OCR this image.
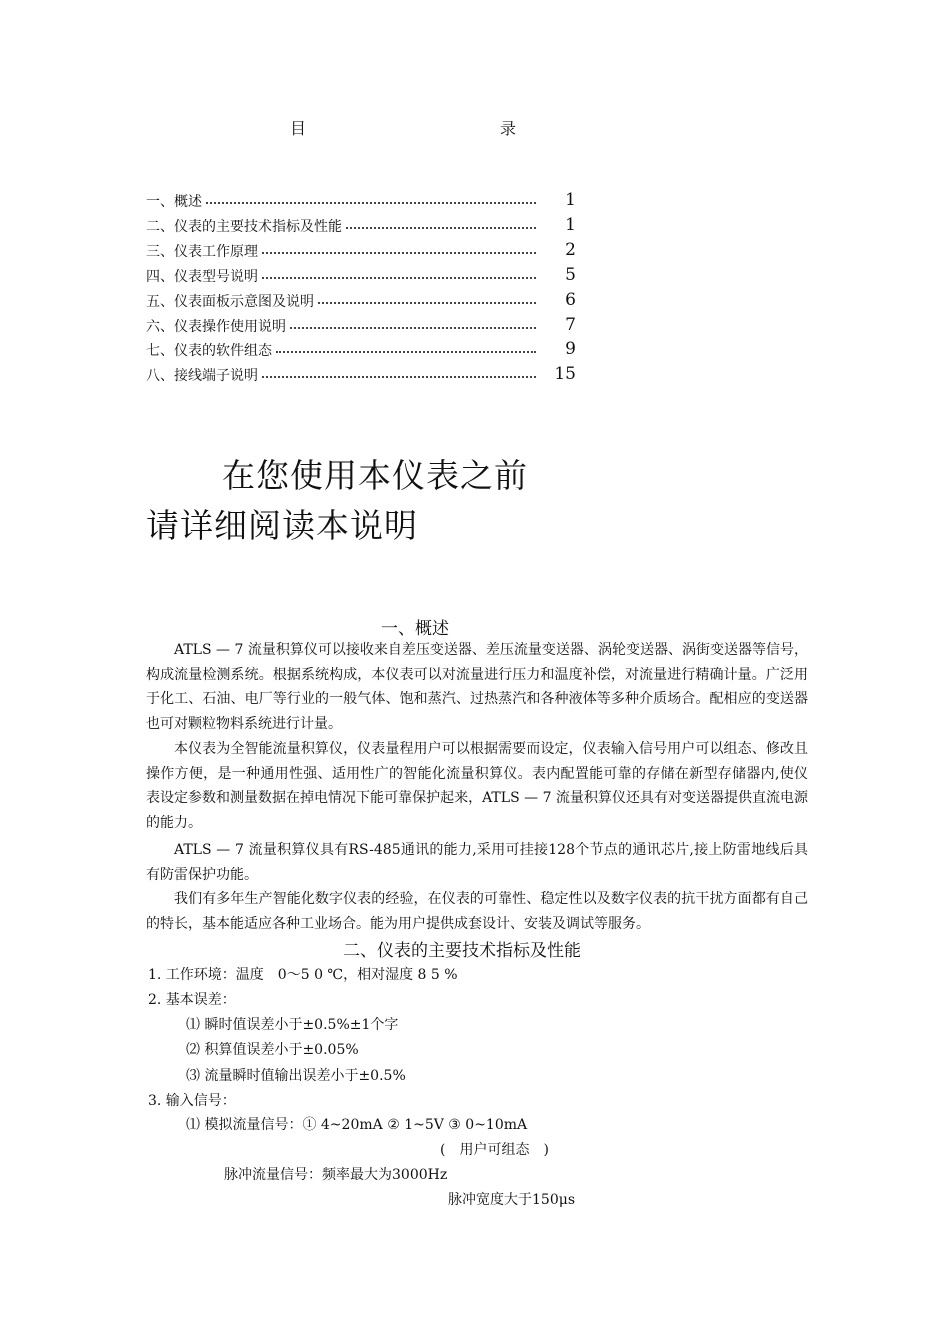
目	录
一、概述	1
二、仪表的主要技术指标及性能	1
三、仪表工作原理	2
四、仪表型号说明	5
五、仪表面板示意图及说明	6
六、仪表操作使用说明	7
七、仪表的软件组态	9
八、接线端子说明	15
在您使用本仪表之前
请详细阅读本说明
一、概述
ATLS — 7 流量积算仪可以接收来自差压变送器、差压流量变送器、涡轮变送器、涡街变送器等信号，构成流量检测系统。根据系统构成，本仪表可以对流量进行压力和温度补偿，对流量进行精确计量。广泛用于化工、石油、电厂等行业的一般气体、饱和蒸汽、过热蒸汽和各种液体等多种介质场合。配相应的变送器也可对颗粒物料系统进行计量。
本仪表为全智能流量积算仪，仪表量程用户可以根据需要而设定，仪表输入信号用户可以组态、修改且操作方便，是一种通用性强、适用性广的智能化流量积算仪。表内配置能可靠的存储在新型存储器内,使仪表设定参数和测量数据在掉电情况下能可靠保护起来，ATLS — 7 流量积算仪还具有对变送器提供直流电源的能力。
ATLS — 7 流量积算仪具有RS-485通讯的能力,采用可挂接128个节点的通讯芯片,接上防雷地线后具有防雷保护功能。
我们有多年生产智能化数字仪表的经验，在仪表的可靠性、稳定性以及数字仪表的抗干扰方面都有自己的特长，基本能适应各种工业场合。能为用户提供成套设计、安装及调试等服务。
二、仪表的主要技术指标及性能
1. 工作环境：温度　0～5 0 ℃，相对湿度 8 5 %
2. 基本误差：
⑴ 瞬时值误差小于±0.5%±1个字
⑵ 积算值误差小于±0.05%
⑶ 流量瞬时值输出误差小于±0.5%
3. 输入信号：
⑴ 模拟流量信号：① 4~20mA ② 1~5V ③ 0~10mA
(　用户可组态　)
脉冲流量信号：频率最大为3000Hz
脉冲宽度大于150μs
